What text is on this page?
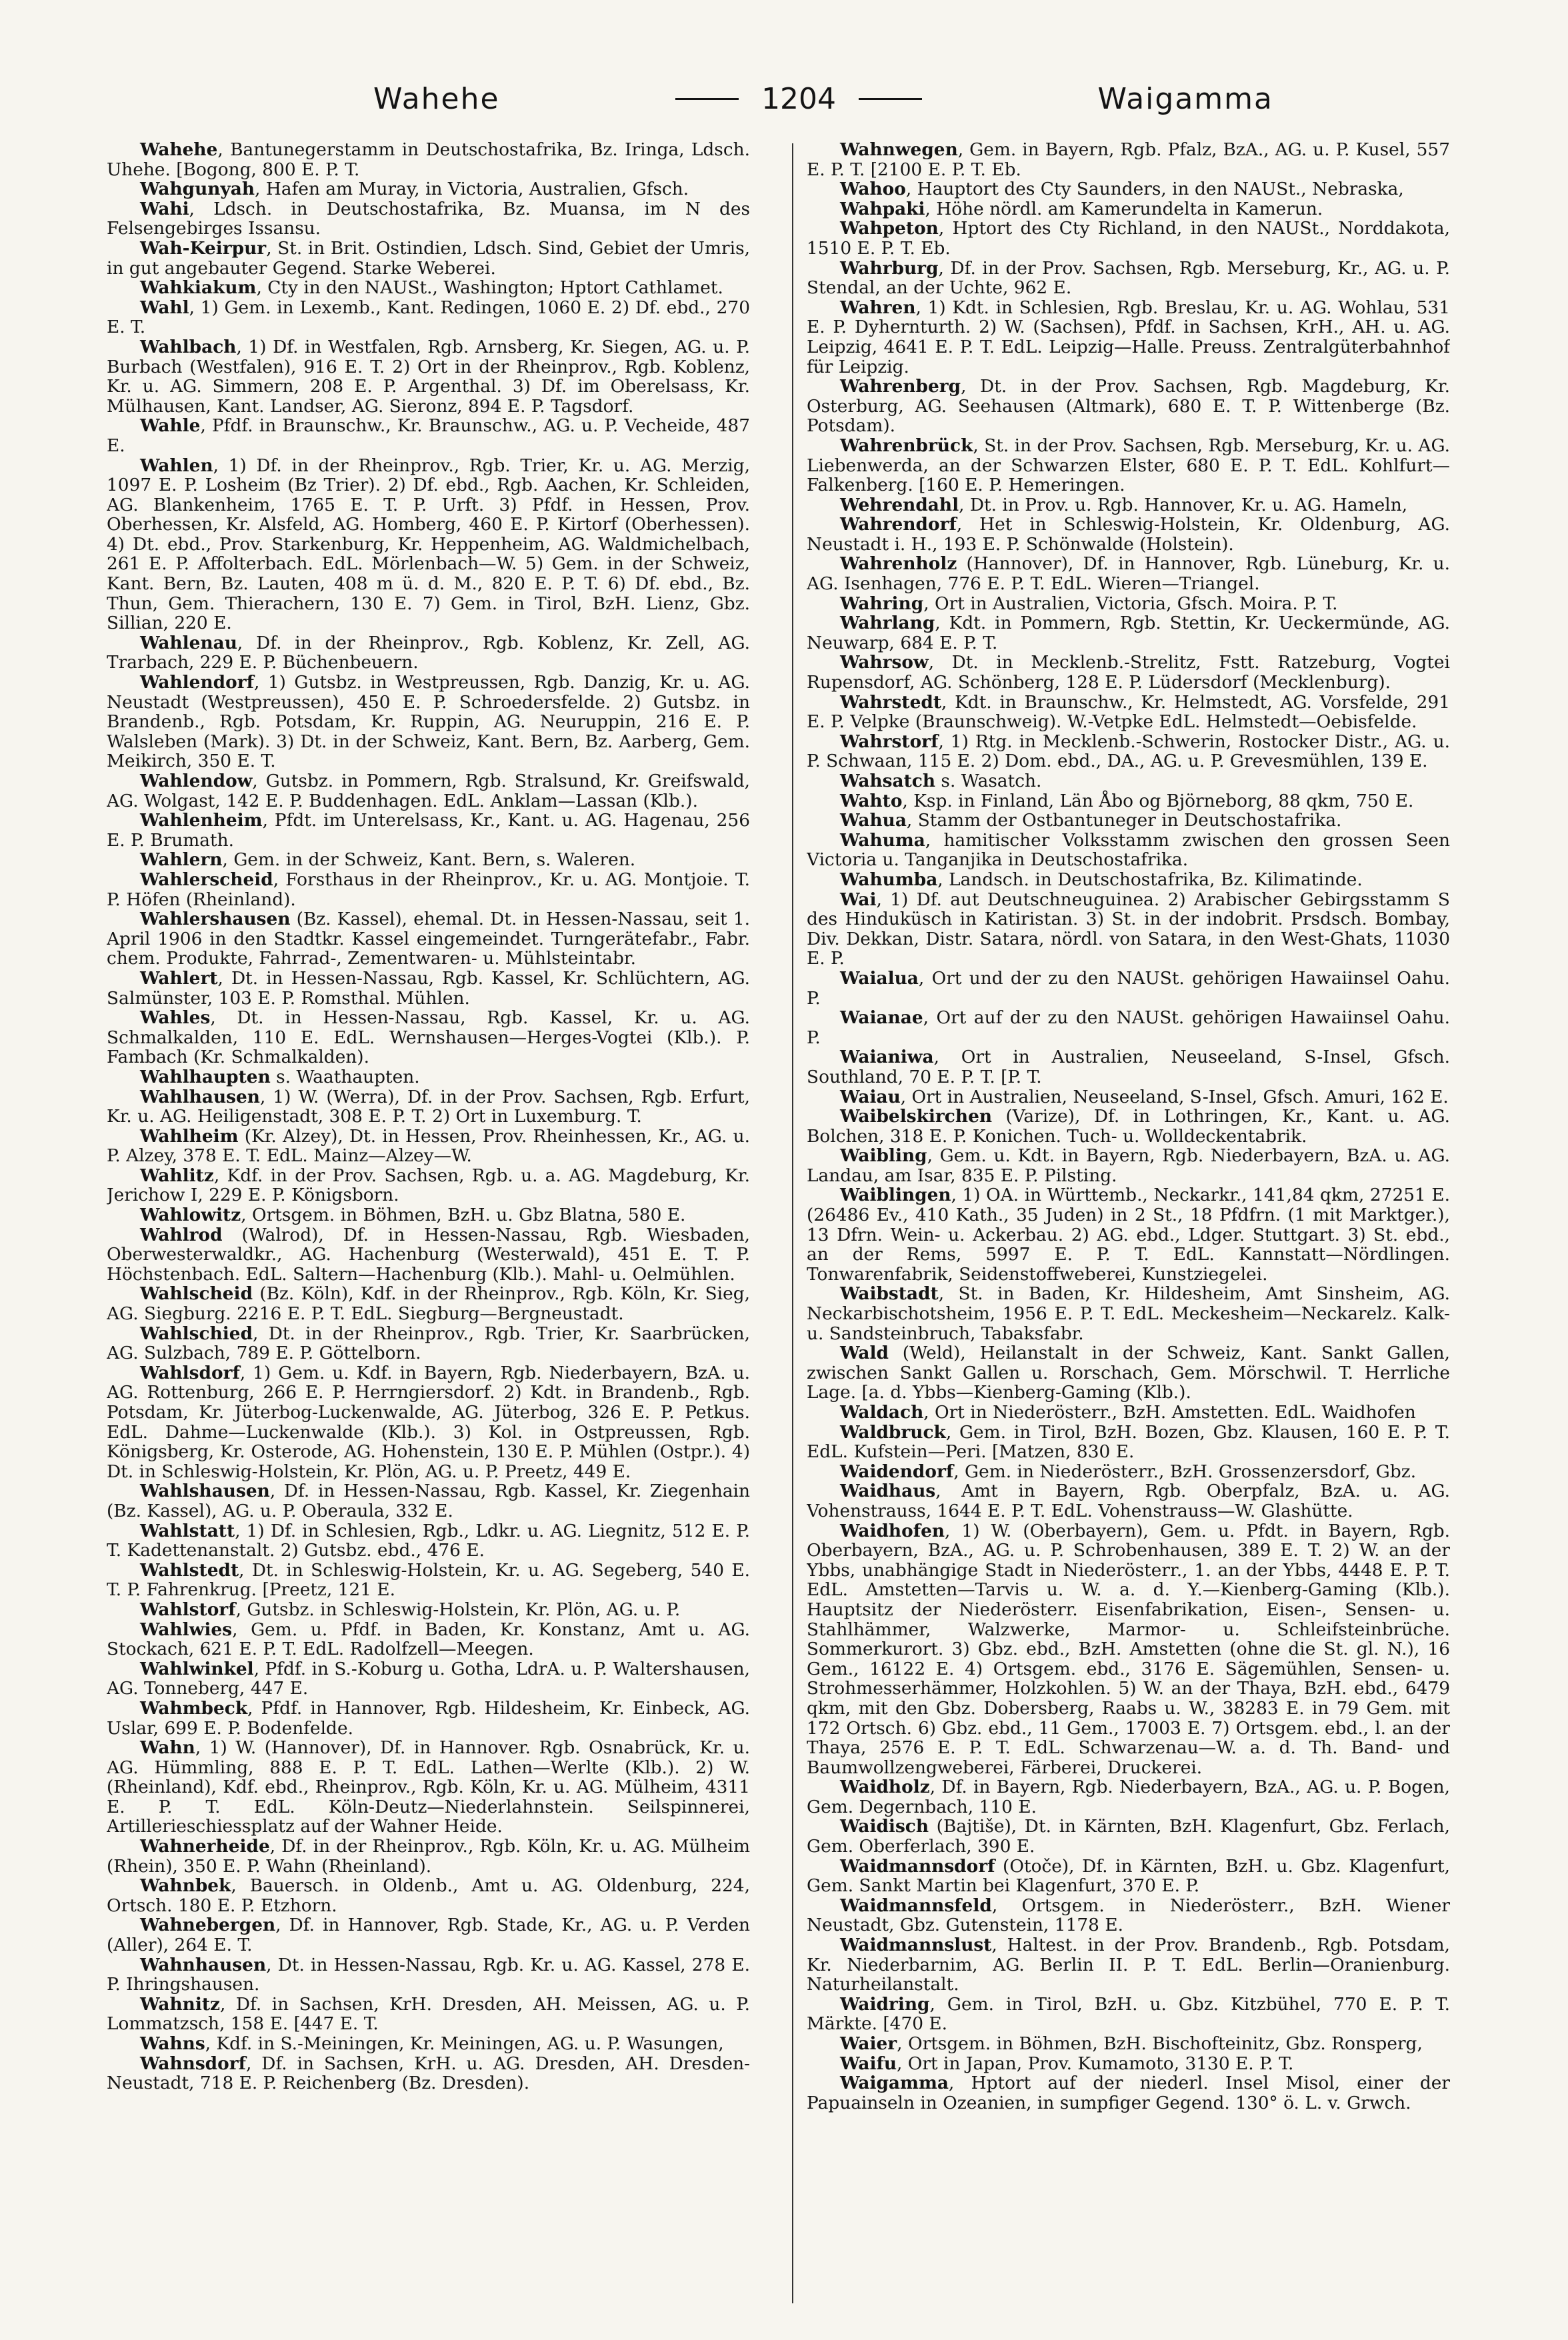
Wahehe	1204	Waigamma

Wahehe, Bantunegerstamm in Deutschostafrika, Bz. Iringa, Ldsch. Uhehe. [Bogong, 800 E. P. T.

Wahgunyah, Hafen am Muray, in Victoria, Australien, Gfsch.

Wahi, Ldsch. in Deutschostafrika, Bz. Muansa, im N des Felsengebirges Issansu.

Wah-Keirpur, St. in Brit. Ostindien, Ldsch. Sind, Gebiet der Umris, in gut angebauter Gegend. Starke Weberei.

Wahkiakum, Cty in den NAUSt., Washington; Hptort Cathlamet.

Wahl, 1) Gem. in Lexemb., Kant. Redingen, 1060 E. 2) Df. ebd., 270 E. T.

Wahlbach, 1) Df. in Westfalen, Rgb. Arnsberg, Kr. Siegen, AG. u. P. Burbach (Westfalen), 916 E. T. 2) Ort in der Rheinprov., Rgb. Koblenz, Kr. u. AG. Simmern, 208 E. P. Argenthal. 3) Df. im Oberelsass, Kr. Mülhausen, Kant. Landser, AG. Sieronz, 894 E. P. Tagsdorf.

Wahle, Pfdf. in Braunschw., Kr. Braunschw., AG. u. P. Vecheide, 487 E.

Wahlen, 1) Df. in der Rheinprov., Rgb. Trier, Kr. u. AG. Merzig, 1097 E. P. Losheim (Bz Trier). 2) Df. ebd., Rgb. Aachen, Kr. Schleiden, AG. Blankenheim, 1765 E. T. P. Urft. 3) Pfdf. in Hessen, Prov. Oberhessen, Kr. Alsfeld, AG. Homberg, 460 E. P. Kirtorf (Oberhessen). 4) Dt. ebd., Prov. Starkenburg, Kr. Heppenheim, AG. Waldmichelbach, 261 E. P. Affolterbach. EdL. Mörlenbach—W. 5) Gem. in der Schweiz, Kant. Bern, Bz. Lauten, 408 m ü. d. M., 820 E. P. T. 6) Df. ebd., Bz. Thun, Gem. Thierachern, 130 E. 7) Gem. in Tirol, BzH. Lienz, Gbz. Sillian, 220 E.

Wahlenau, Df. in der Rheinprov., Rgb. Koblenz, Kr. Zell, AG. Trarbach, 229 E. P. Büchenbeuern.

Wahlendorf, 1) Gutsbz. in Westpreussen, Rgb. Danzig, Kr. u. AG. Neustadt (Westpreussen), 450 E. P. Schroedersfelde. 2) Gutsbz. in Brandenb., Rgb. Potsdam, Kr. Ruppin, AG. Neuruppin, 216 E. P. Walsleben (Mark). 3) Dt. in der Schweiz, Kant. Bern, Bz. Aarberg, Gem. Meikirch, 350 E. T.

Wahlendow, Gutsbz. in Pommern, Rgb. Stralsund, Kr. Greifswald, AG. Wolgast, 142 E. P. Buddenhagen. EdL. Anklam—Lassan (Klb.).

Wahlenheim, Pfdt. im Unterelsass, Kr., Kant. u. AG. Hagenau, 256 E. P. Brumath.

Wahlern, Gem. in der Schweiz, Kant. Bern, s. Waleren.

Wahlerscheid, Forsthaus in der Rheinprov., Kr. u. AG. Montjoie. T. P. Höfen (Rheinland).

Wahlershausen (Bz. Kassel), ehemal. Dt. in Hessen-Nassau, seit 1. April 1906 in den Stadtkr. Kassel eingemeindet. Turngerätefabr., Fabr. chem. Produkte, Fahrrad-, Zementwaren- u. Mühlsteintabr.

Wahlert, Dt. in Hessen-Nassau, Rgb. Kassel, Kr. Schlüchtern, AG. Salmünster, 103 E. P. Romsthal. Mühlen.

Wahles, Dt. in Hessen-Nassau, Rgb. Kassel, Kr. u. AG. Schmalkalden, 110 E. EdL. Wernshausen—Herges-Vogtei (Klb.). P. Fambach (Kr. Schmalkalden).

Wahlhaupten s. Waathaupten.

Wahlhausen, 1) W. (Werra), Df. in der Prov. Sachsen, Rgb. Erfurt, Kr. u. AG. Heiligenstadt, 308 E. P. T. 2) Ort in Luxemburg. T.

Wahlheim (Kr. Alzey), Dt. in Hessen, Prov. Rheinhessen, Kr., AG. u. P. Alzey, 378 E. T. EdL. Mainz—Alzey—W.

Wahlitz, Kdf. in der Prov. Sachsen, Rgb. u. a. AG. Magdeburg, Kr. Jerichow I, 229 E. P. Königsborn.

Wahlowitz, Ortsgem. in Böhmen, BzH. u. Gbz Blatna, 580 E.

Wahlrod (Walrod), Df. in Hessen-Nassau, Rgb. Wiesbaden, Oberwesterwaldkr., AG. Hachenburg (Westerwald), 451 E. T. P. Höchstenbach. EdL. Saltern—Hachenburg (Klb.). Mahl- u. Oelmühlen.

Wahlscheid (Bz. Köln), Kdf. in der Rheinprov., Rgb. Köln, Kr. Sieg, AG. Siegburg. 2216 E. P. T. EdL. Siegburg—Bergneustadt.

Wahlschied, Dt. in der Rheinprov., Rgb. Trier, Kr. Saarbrücken, AG. Sulzbach, 789 E. P. Göttelborn.

Wahlsdorf, 1) Gem. u. Kdf. in Bayern, Rgb. Niederbayern, BzA. u. AG. Rottenburg, 266 E. P. Herrngiersdorf. 2) Kdt. in Brandenb., Rgb. Potsdam, Kr. Jüterbog-Luckenwalde, AG. Jüterbog, 326 E. P. Petkus. EdL. Dahme—Luckenwalde (Klb.). 3) Kol. in Ostpreussen, Rgb. Königsberg, Kr. Osterode, AG. Hohenstein, 130 E. P. Mühlen (Ostpr.). 4) Dt. in Schleswig-Holstein, Kr. Plön, AG. u. P. Preetz, 449 E.

Wahlshausen, Df. in Hessen-Nassau, Rgb. Kassel, Kr. Ziegenhain (Bz. Kassel), AG. u. P. Oberaula, 332 E.

Wahlstatt, 1) Df. in Schlesien, Rgb., Ldkr. u. AG. Liegnitz, 512 E. P. T. Kadettenanstalt. 2) Gutsbz. ebd., 476 E.

Wahlstedt, Dt. in Schleswig-Holstein, Kr. u. AG. Segeberg, 540 E. T. P. Fahrenkrug. [Preetz, 121 E.

Wahlstorf, Gutsbz. in Schleswig-Holstein, Kr. Plön, AG. u. P.

Wahlwies, Gem. u. Pfdf. in Baden, Kr. Konstanz, Amt u. AG. Stockach, 621 E. P. T. EdL. Radolfzell—Meegen.

Wahlwinkel, Pfdf. in S.-Koburg u. Gotha, LdrA. u. P. Waltershausen, AG. Tonneberg, 447 E.

Wahmbeck, Pfdf. in Hannover, Rgb. Hildesheim, Kr. Einbeck, AG. Uslar, 699 E. P. Bodenfelde.

Wahn, 1) W. (Hannover), Df. in Hannover. Rgb. Osnabrück, Kr. u. AG. Hümmling, 888 E. P. T. EdL. Lathen—Werlte (Klb.). 2) W. (Rheinland), Kdf. ebd., Rheinprov., Rgb. Köln, Kr. u. AG. Mülheim, 4311 E. P. T. EdL. Köln-Deutz—Niederlahnstein. Seilspinnerei, Artillerieschiessplatz auf der Wahner Heide.

Wahnerheide, Df. in der Rheinprov., Rgb. Köln, Kr. u. AG. Mülheim (Rhein), 350 E. P. Wahn (Rheinland).

Wahnbek, Bauersch. in Oldenb., Amt u. AG. Oldenburg, 224, Ortsch. 180 E. P. Etzhorn.

Wahnebergen, Df. in Hannover, Rgb. Stade, Kr., AG. u. P. Verden (Aller), 264 E. T.

Wahnhausen, Dt. in Hessen-Nassau, Rgb. Kr. u. AG. Kassel, 278 E. P. Ihringshausen.

Wahnitz, Df. in Sachsen, KrH. Dresden, AH. Meissen, AG. u. P. Lommatzsch, 158 E. [447 E. T.

Wahns, Kdf. in S.-Meiningen, Kr. Meiningen, AG. u. P. Wasungen,

Wahnsdorf, Df. in Sachsen, KrH. u. AG. Dresden, AH. Dresden-Neustadt, 718 E. P. Reichenberg (Bz. Dresden).

Wahnwegen, Gem. in Bayern, Rgb. Pfalz, BzA., AG. u. P. Kusel, 557 E. P. T. [2100 E. P. T. Eb.

Wahoo, Hauptort des Cty Saunders, in den NAUSt., Nebraska,

Wahpaki, Höhe nördl. am Kamerundelta in Kamerun.

Wahpeton, Hptort des Cty Richland, in den NAUSt., Norddakota, 1510 E. P. T. Eb.

Wahrburg, Df. in der Prov. Sachsen, Rgb. Merseburg, Kr., AG. u. P. Stendal, an der Uchte, 962 E.

Wahren, 1) Kdt. in Schlesien, Rgb. Breslau, Kr. u. AG. Wohlau, 531 E. P. Dyhernturth. 2) W. (Sachsen), Pfdf. in Sachsen, KrH., AH. u. AG. Leipzig, 4641 E. P. T. EdL. Leipzig—Halle. Preuss. Zentralgüterbahnhof für Leipzig.

Wahrenberg, Dt. in der Prov. Sachsen, Rgb. Magdeburg, Kr. Osterburg, AG. Seehausen (Altmark), 680 E. T. P. Wittenberge (Bz. Potsdam).

Wahrenbrück, St. in der Prov. Sachsen, Rgb. Merseburg, Kr. u. AG. Liebenwerda, an der Schwarzen Elster, 680 E. P. T. EdL. Kohlfurt—Falkenberg. [160 E. P. Hemeringen.

Wehrendahl, Dt. in Prov. u. Rgb. Hannover, Kr. u. AG. Hameln,

Wahrendorf, Het in Schleswig-Holstein, Kr. Oldenburg, AG. Neustadt i. H., 193 E. P. Schönwalde (Holstein).

Wahrenholz (Hannover), Df. in Hannover, Rgb. Lüneburg, Kr. u. AG. Isenhagen, 776 E. P. T. EdL. Wieren—Triangel.

Wahring, Ort in Australien, Victoria, Gfsch. Moira. P. T.

Wahrlang, Kdt. in Pommern, Rgb. Stettin, Kr. Ueckermünde, AG. Neuwarp, 684 E. P. T.

Wahrsow, Dt. in Mecklenb.-Strelitz, Fstt. Ratzeburg, Vogtei Rupensdorf, AG. Schönberg, 128 E. P. Lüdersdorf (Mecklenburg).

Wahrstedt, Kdt. in Braunschw., Kr. Helmstedt, AG. Vorsfelde, 291 E. P. Velpke (Braunschweig). W.-Vetpke EdL. Helmstedt—Oebisfelde.

Wahrstorf, 1) Rtg. in Mecklenb.-Schwerin, Rostocker Distr., AG. u. P. Schwaan, 115 E. 2) Dom. ebd., DA., AG. u. P. Grevesmühlen, 139 E.

Wahsatch s. Wasatch.

Wahto, Ksp. in Finland, Län Åbo og Björneborg, 88 qkm, 750 E.

Wahua, Stamm der Ostbantuneger in Deutschostafrika.

Wahuma, hamitischer Volksstamm zwischen den grossen Seen Victoria u. Tanganjika in Deutschostafrika.

Wahumba, Landsch. in Deutschostafrika, Bz. Kilimatinde.

Wai, 1) Df. aut Deutschneuguinea. 2) Arabischer Gebirgsstamm S des Hinduküsch in Katiristan. 3) St. in der indobrit. Prsdsch. Bombay, Div. Dekkan, Distr. Satara, nördl. von Satara, in den West-Ghats, 11030 E. P.

Waialua, Ort und der zu den NAUSt. gehörigen Hawaiinsel Oahu. P.

Waianae, Ort auf der zu den NAUSt. gehörigen Hawaiinsel Oahu. P.

Waianiwa, Ort in Australien, Neuseeland, S-Insel, Gfsch. Southland, 70 E. P. T. [P. T.

Waiau, Ort in Australien, Neuseeland, S-Insel, Gfsch. Amuri, 162 E.

Waibelskirchen (Varize), Df. in Lothringen, Kr., Kant. u. AG. Bolchen, 318 E. P. Konichen. Tuch- u. Wolldeckentabrik.

Waibling, Gem. u. Kdt. in Bayern, Rgb. Niederbayern, BzA. u. AG. Landau, am Isar, 835 E. P. Pilsting.

Waiblingen, 1) OA. in Württemb., Neckarkr., 141,84 qkm, 27251 E. (26486 Ev., 410 Kath., 35 Juden) in 2 St., 18 Pfdfrn. (1 mit Marktger.), 13 Dfrn. Wein- u. Ackerbau. 2) AG. ebd., Ldger. Stuttgart. 3) St. ebd., an der Rems, 5997 E. P. T. EdL. Kannstatt—Nördlingen. Tonwarenfabrik, Seidenstoffweberei, Kunstziegelei.

Waibstadt, St. in Baden, Kr. Hildesheim, Amt Sinsheim, AG. Neckarbischotsheim, 1956 E. P. T. EdL. Meckesheim—Neckarelz. Kalk- u. Sandsteinbruch, Tabaksfabr.

Wald (Weld), Heilanstalt in der Schweiz, Kant. Sankt Gallen, zwischen Sankt Gallen u. Rorschach, Gem. Mörschwil. T. Herrliche Lage. [a. d. Ybbs—Kienberg-Gaming (Klb.).

Waldach, Ort in Niederösterr., BzH. Amstetten. EdL. Waidhofen

Waldbruck, Gem. in Tirol, BzH. Bozen, Gbz. Klausen, 160 E. P. T. EdL. Kufstein—Peri. [Matzen, 830 E.

Waidendorf, Gem. in Niederösterr., BzH. Grossenzersdorf, Gbz.

Waidhaus, Amt in Bayern, Rgb. Oberpfalz, BzA. u. AG. Vohenstrauss, 1644 E. P. T. EdL. Vohenstrauss—W. Glashütte.

Waidhofen, 1) W. (Oberbayern), Gem. u. Pfdt. in Bayern, Rgb. Oberbayern, BzA., AG. u. P. Schrobenhausen, 389 E. T. 2) W. an der Ybbs, unabhängige Stadt in Niederösterr., 1. an der Ybbs, 4448 E. P. T. EdL. Amstetten—Tarvis u. W. a. d. Y.—Kienberg-Gaming (Klb.). Hauptsitz der Niederösterr. Eisenfabrikation, Eisen-, Sensen- u. Stahlhämmer, Walzwerke, Marmor- u. Schleifsteinbrüche. Sommerkurort. 3) Gbz. ebd., BzH. Amstetten (ohne die St. gl. N.), 16 Gem., 16122 E. 4) Ortsgem. ebd., 3176 E. Sägemühlen, Sensen- u. Strohmesserhämmer, Holzkohlen. 5) W. an der Thaya, BzH. ebd., 6479 qkm, mit den Gbz. Dobersberg, Raabs u. W., 38283 E. in 79 Gem. mit 172 Ortsch. 6) Gbz. ebd., 11 Gem., 17003 E. 7) Ortsgem. ebd., l. an der Thaya, 2576 E. P. T. EdL. Schwarzenau—W. a. d. Th. Band- und Baumwollzengweberei, Färberei, Druckerei.

Waidholz, Df. in Bayern, Rgb. Niederbayern, BzA., AG. u. P. Bogen, Gem. Degernbach, 110 E.

Waidisch (Bajtiše), Dt. in Kärnten, BzH. Klagenfurt, Gbz. Ferlach, Gem. Oberferlach, 390 E.

Waidmannsdorf (Otoče), Df. in Kärnten, BzH. u. Gbz. Klagenfurt, Gem. Sankt Martin bei Klagenfurt, 370 E. P.

Waidmannsfeld, Ortsgem. in Niederösterr., BzH. Wiener Neustadt, Gbz. Gutenstein, 1178 E.

Waidmannslust, Haltest. in der Prov. Brandenb., Rgb. Potsdam, Kr. Niederbarnim, AG. Berlin II. P. T. EdL. Berlin—Oranienburg. Naturheilanstalt.

Waidring, Gem. in Tirol, BzH. u. Gbz. Kitzbühel, 770 E. P. T. Märkte. [470 E.

Waier, Ortsgem. in Böhmen, BzH. Bischofteinitz, Gbz. Ronsperg,

Waifu, Ort in Japan, Prov. Kumamoto, 3130 E. P. T.

Waigamma, Hptort auf der niederl. Insel Misol, einer der Papuainseln in Ozeanien, in sumpfiger Gegend. 130° ö. L. v. Grwch.
